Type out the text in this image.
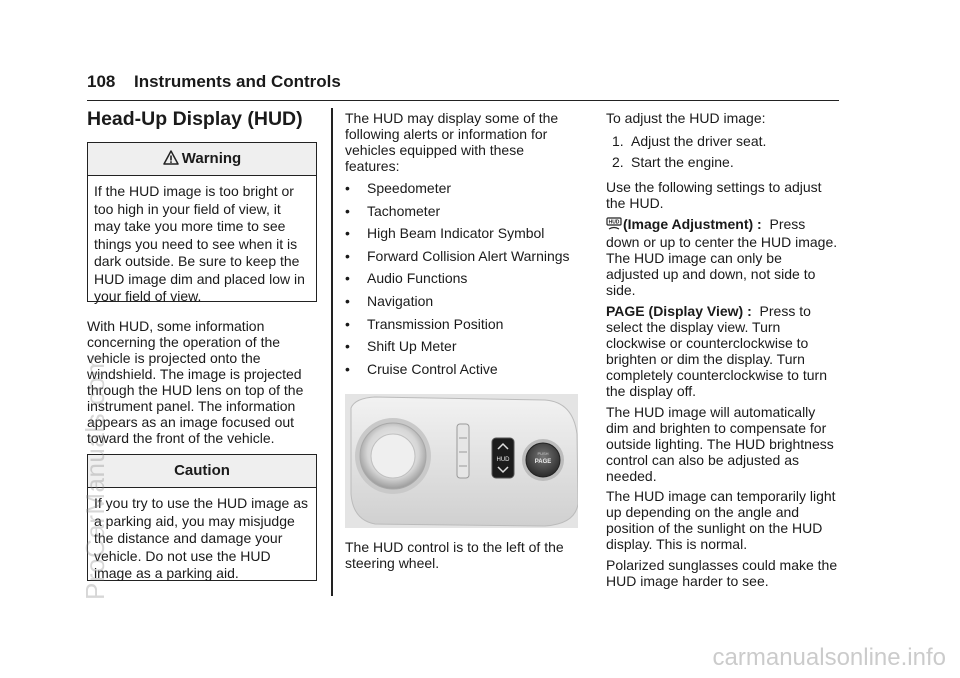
108 Instruments and Controls
Head-Up Display (HUD)
Warning
If the HUD image is too bright or too high in your field of view, it may take you more time to see things you need to see when it is dark outside. Be sure to keep the HUD image dim and placed low in your field of view.
With HUD, some information concerning the operation of the vehicle is projected onto the windshield. The image is projected through the HUD lens on top of the instrument panel. The information appears as an image focused out toward the front of the vehicle.
Caution
If you try to use the HUD image as a parking aid, you may misjudge the distance and damage your vehicle. Do not use the HUD image as a parking aid.
The HUD may display some of the following alerts or information for vehicles equipped with these features:
• Speedometer
• Tachometer
• High Beam Indicator Symbol
• Forward Collision Alert Warnings
• Audio Functions
• Navigation
• Transmission Position
• Shift Up Meter
• Cruise Control Active
HUD
PUSH
PAGE
The HUD control is to the left of the steering wheel.
To adjust the HUD image:
1. Adjust the driver seat.
2. Start the engine.
Use the following settings to adjust the HUD.
HUD (Image Adjustment) : Press down or up to center the HUD image. The HUD image can only be adjusted up and down, not side to side.
PAGE (Display View) : Press to select the display view. Turn clockwise or counterclockwise to brighten or dim the display. Turn completely counterclockwise to turn the display off.
The HUD image will automatically dim and brighten to compensate for outside lighting. The HUD brightness control can also be adjusted as needed.
The HUD image can temporarily light up depending on the angle and position of the sunlight on the HUD display. This is normal.
Polarized sunglasses could make the HUD image harder to see.
ProCarManuals.com
carmanualsonline.info
